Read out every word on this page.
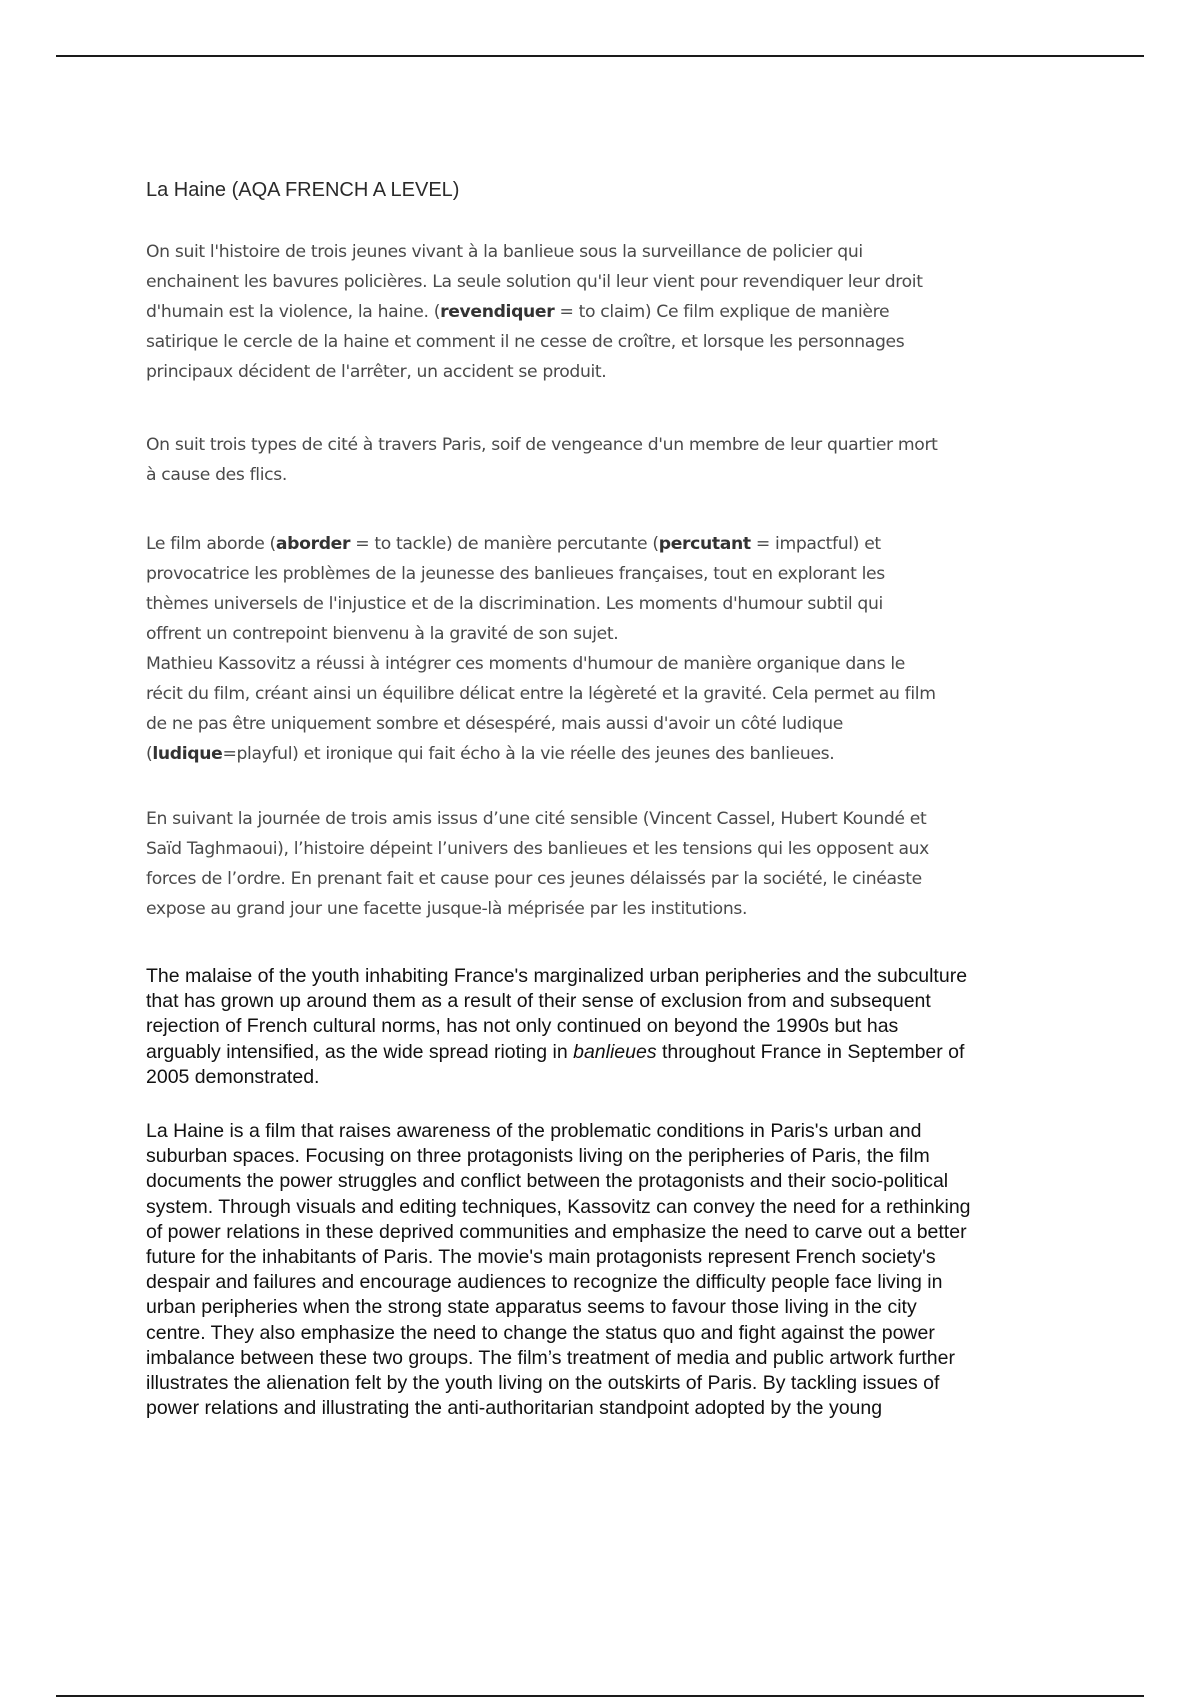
La Haine (AQA FRENCH A LEVEL)
On suit l'histoire de trois jeunes vivant à la banlieue sous la surveillance de policier qui
enchainent les bavures policières. La seule solution qu'il leur vient pour revendiquer leur droit
d'humain est la violence, la haine. (revendiquer = to claim) Ce film explique de manière
satirique le cercle de la haine et comment il ne cesse de croître, et lorsque les personnages
principaux décident de l'arrêter, un accident se produit.
On suit trois types de cité à travers Paris, soif de vengeance d'un membre de leur quartier mort
à cause des flics.
Le film aborde (aborder = to tackle) de manière percutante (percutant = impactful) et
provocatrice les problèmes de la jeunesse des banlieues françaises, tout en explorant les
thèmes universels de l'injustice et de la discrimination. Les moments d'humour subtil qui
offrent un contrepoint bienvenu à la gravité de son sujet.
Mathieu Kassovitz a réussi à intégrer ces moments d'humour de manière organique dans le
récit du film, créant ainsi un équilibre délicat entre la légèreté et la gravité. Cela permet au film
de ne pas être uniquement sombre et désespéré, mais aussi d'avoir un côté ludique
(ludique=playful) et ironique qui fait écho à la vie réelle des jeunes des banlieues.
En suivant la journée de trois amis issus d’une cité sensible (Vincent Cassel, Hubert Koundé et
Saïd Taghmaoui), l’histoire dépeint l’univers des banlieues et les tensions qui les opposent aux
forces de l’ordre. En prenant fait et cause pour ces jeunes délaissés par la société, le cinéaste
expose au grand jour une facette jusque-là méprisée par les institutions.
The malaise of the youth inhabiting France's marginalized urban peripheries and the subculture
that has grown up around them as a result of their sense of exclusion from and subsequent
rejection of French cultural norms, has not only continued on beyond the 1990s but has
arguably intensified, as the wide spread rioting in banlieues throughout France in September of
2005 demonstrated.
La Haine is a film that raises awareness of the problematic conditions in Paris's urban and
suburban spaces. Focusing on three protagonists living on the peripheries of Paris, the film
documents the power struggles and conflict between the protagonists and their socio-political
system. Through visuals and editing techniques, Kassovitz can convey the need for a rethinking
of power relations in these deprived communities and emphasize the need to carve out a better
future for the inhabitants of Paris. The movie's main protagonists represent French society's
despair and failures and encourage audiences to recognize the difficulty people face living in
urban peripheries when the strong state apparatus seems to favour those living in the city
centre. They also emphasize the need to change the status quo and fight against the power
imbalance between these two groups. The film’s treatment of media and public artwork further
illustrates the alienation felt by the youth living on the outskirts of Paris. By tackling issues of
power relations and illustrating the anti-authoritarian standpoint adopted by the young
